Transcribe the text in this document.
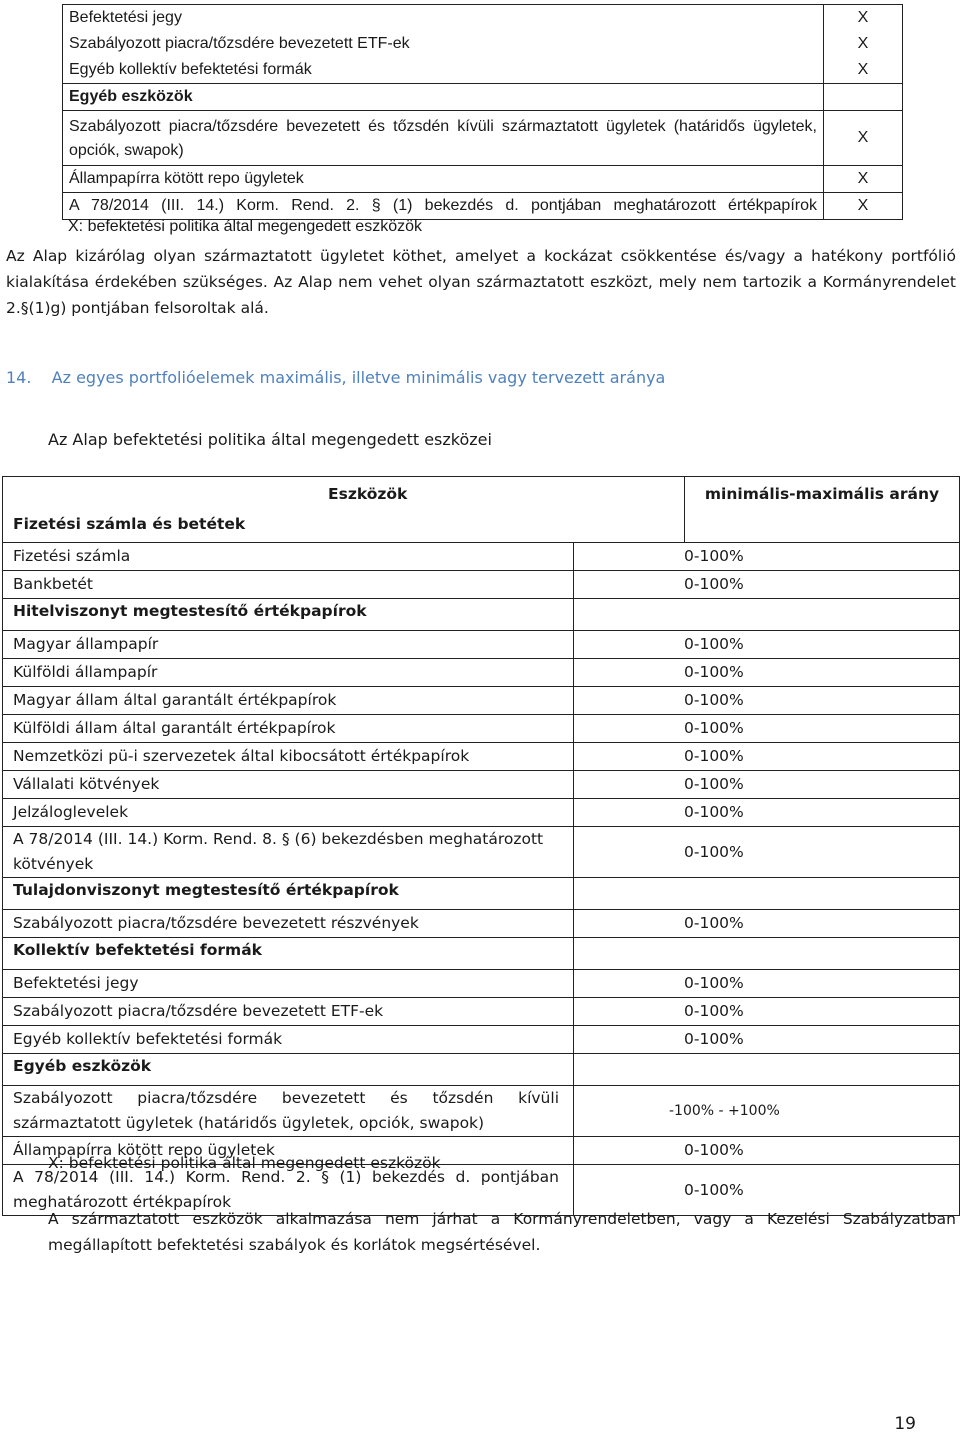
Befektetési jegy	X
Szabályozott piacra/tőzsdére bevezetett ETF-ek	X
Egyéb kollektív befektetési formák	X
Egyéb eszközök	
Szabályozott piacra/tőzsdére bevezetett és tőzsdén kívüli származtatott ügyletek (határidős ügyletek, opciók, swapok)	X
Állampapírra kötött repo ügyletek	X
A 78/2014 (III. 14.) Korm. Rend. 2. § (1) bekezdés d. pontjában meghatározott értékpapírok	X
X: befektetési politika által megengedett eszközök
Az Alap kizárólag olyan származtatott ügyletet köthet, amelyet a kockázat csökkentése és/vagy a hatékony portfólió kialakítása érdekében szükséges. Az Alap nem vehet olyan származtatott eszközt, mely nem tartozik a Kormányrendelet 2.§(1)g) pontjában felsoroltak alá.
14. Az egyes portfolióelemek maximális, illetve minimális vagy tervezett aránya
Az Alap befektetési politika által megengedett eszközei
Eszközök
Fizetési számla és betétek
	minimális-maximális arány
Fizetési számla	0-100%
Bankbetét	0-100%
Hitelviszonyt megtestesítő értékpapírok	
Magyar állampapír	0-100%
Külföldi állampapír	0-100%
Magyar állam által garantált értékpapírok	0-100%
Külföldi állam által garantált értékpapírok	0-100%
Nemzetközi pü-i szervezetek által kibocsátott értékpapírok	0-100%
Vállalati kötvények	0-100%
Jelzáloglevelek	0-100%
A 78/2014 (III. 14.) Korm. Rend. 8. § (6) bekezdésben meghatározott kötvények	0-100%
Tulajdonviszonyt megtestesítő értékpapírok	
Szabályozott piacra/tőzsdére bevezetett részvények	0-100%
Kollektív befektetési formák	
Befektetési jegy	0-100%
Szabályozott piacra/tőzsdére bevezetett ETF-ek	0-100%
Egyéb kollektív befektetési formák	0-100%
Egyéb eszközök	
Szabályozott piacra/tőzsdére bevezetett és tőzsdén kívüli származtatott ügyletek (határidős ügyletek, opciók, swapok)	-100% - +100%
Állampapírra kötött repo ügyletek	0-100%
A 78/2014 (III. 14.) Korm. Rend. 2. § (1) bekezdés d. pontjában meghatározott értékpapírok	0-100%
X: befektetési politika által megengedett eszközök
A származtatott eszközök alkalmazása nem járhat a Kormányrendeletben, vagy a Kezelési Szabályzatban megállapított befektetési szabályok és korlátok megsértésével.
19
